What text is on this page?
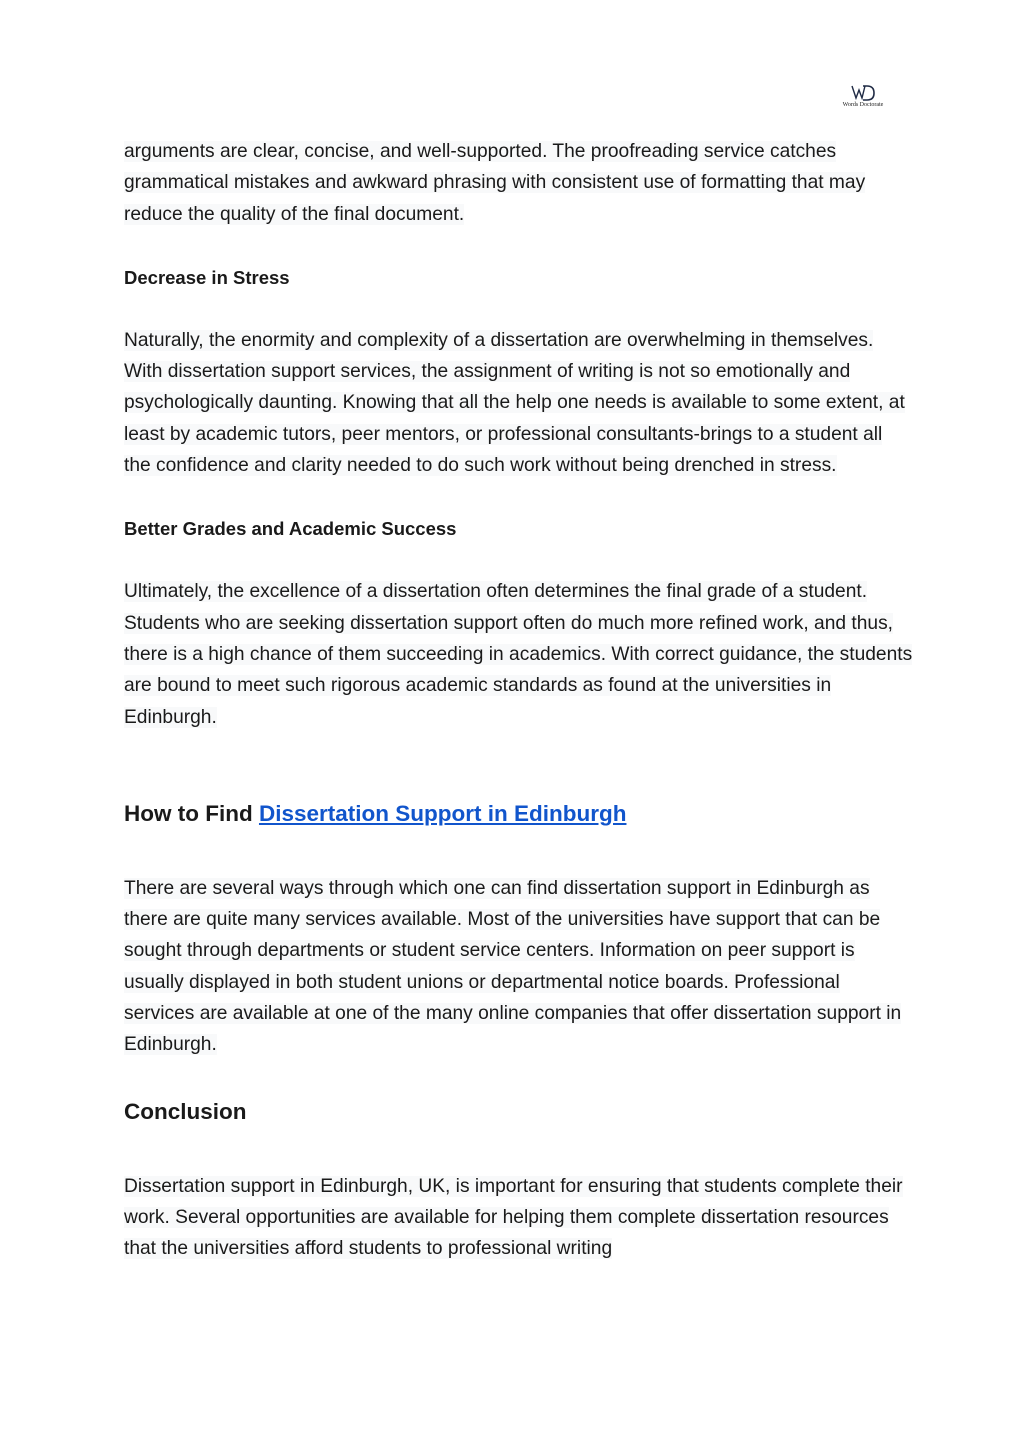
Words Doctorate

arguments are clear, concise, and well-supported. The proofreading service catches grammatical mistakes and awkward phrasing with consistent use of formatting that may reduce the quality of the final document.

Decrease in Stress

Naturally, the enormity and complexity of a dissertation are overwhelming in themselves. With dissertation support services, the assignment of writing is not so emotionally and psychologically daunting. Knowing that all the help one needs is available to some extent, at least by academic tutors, peer mentors, or professional consultants-brings to a student all the confidence and clarity needed to do such work without being drenched in stress.

Better Grades and Academic Success

Ultimately, the excellence of a dissertation often determines the final grade of a student. Students who are seeking dissertation support often do much more refined work, and thus, there is a high chance of them succeeding in academics. With correct guidance, the students are bound to meet such rigorous academic standards as found at the universities in Edinburgh.

How to Find Dissertation Support in Edinburgh

There are several ways through which one can find dissertation support in Edinburgh as there are quite many services available. Most of the universities have support that can be sought through departments or student service centers. Information on peer support is usually displayed in both student unions or departmental notice boards. Professional services are available at one of the many online companies that offer dissertation support in Edinburgh.

Conclusion

Dissertation support in Edinburgh, UK, is important for ensuring that students complete their work. Several opportunities are available for helping them complete dissertation resources that the universities afford students to professional writing
